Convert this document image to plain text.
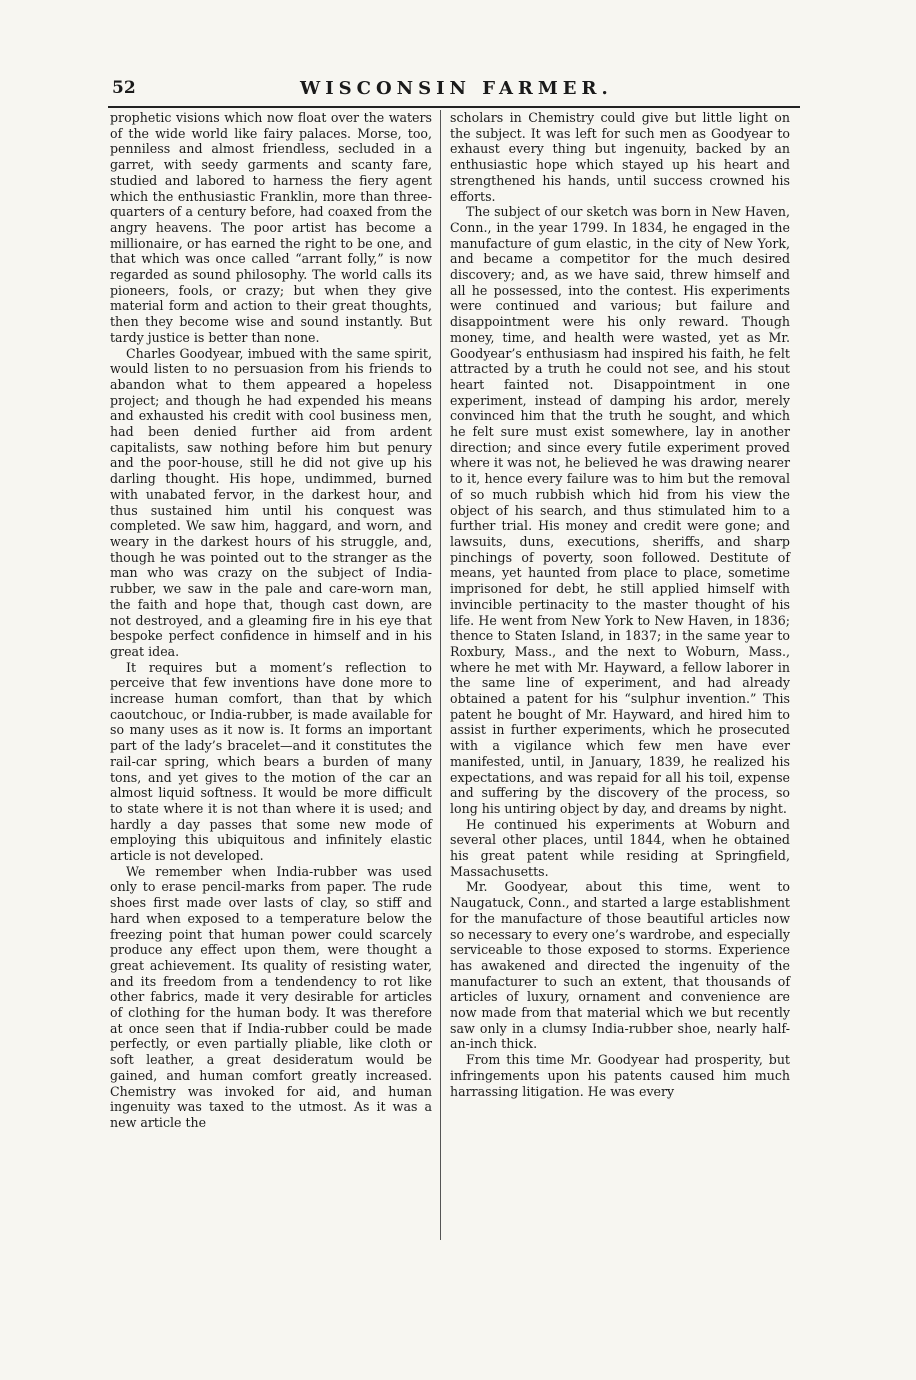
52	WISCONSIN FARMER.

prophetic visions which now float over the waters of the wide world like fairy palaces. Morse, too, penniless and almost friendless, secluded in a garret, with seedy garments and scanty fare, studied and labored to harness the fiery agent which the enthusiastic Franklin, more than three-quarters of a century before, had coaxed from the angry heavens. The poor artist has become a millionaire, or has earned the right to be one, and that which was once called “arrant folly,” is now regarded as sound philosophy. The world calls its pioneers, fools, or crazy; but when they give material form and action to their great thoughts, then they become wise and sound instantly. But tardy justice is better than none.

Charles Goodyear, imbued with the same spirit, would listen to no persuasion from his friends to abandon what to them appeared a hopeless project; and though he had expended his means and exhausted his credit with cool business men, had been denied further aid from ardent capitalists, saw nothing before him but penury and the poor-house, still he did not give up his darling thought. His hope, undimmed, burned with unabated fervor, in the darkest hour, and thus sustained him until his conquest was completed. We saw him, haggard, and worn, and weary in the darkest hours of his struggle, and, though he was pointed out to the stranger as the man who was crazy on the subject of India-rubber, we saw in the pale and care-worn man, the faith and hope that, though cast down, are not destroyed, and a gleaming fire in his eye that bespoke perfect confidence in himself and in his great idea.

It requires but a moment’s reflection to perceive that few inventions have done more to increase human comfort, than that by which caoutchouc, or India-rubber, is made available for so many uses as it now is. It forms an important part of the lady’s bracelet—and it constitutes the rail-car spring, which bears a burden of many tons, and yet gives to the motion of the car an almost liquid softness. It would be more difficult to state where it is not than where it is used; and hardly a day passes that some new mode of employing this ubiquitous and infinitely elastic article is not developed.

We remember when India-rubber was used only to erase pencil-marks from paper. The rude shoes first made over lasts of clay, so stiff and hard when exposed to a temperature below the freezing point that human power could scarcely produce any effect upon them, were thought a great achievement. Its quality of resisting water, and its freedom from a tendendency to rot like other fabrics, made it very desirable for articles of clothing for the human body. It was therefore at once seen that if India-rubber could be made perfectly, or even partially pliable, like cloth or soft leather, a great desideratum would be gained, and human comfort greatly increased. Chemistry was invoked for aid, and human ingenuity was taxed to the utmost. As it was a new article the

scholars in Chemistry could give but little light on the subject. It was left for such men as Goodyear to exhaust every thing but ingenuity, backed by an enthusiastic hope which stayed up his heart and strengthened his hands, until success crowned his efforts.

The subject of our sketch was born in New Haven, Conn., in the year 1799. In 1834, he engaged in the manufacture of gum elastic, in the city of New York, and became a competitor for the much desired discovery; and, as we have said, threw himself and all he possessed, into the contest. His experiments were continued and various; but failure and disappointment were his only reward. Though money, time, and health were wasted, yet as Mr. Goodyear’s enthusiasm had inspired his faith, he felt attracted by a truth he could not see, and his stout heart fainted not. Disappointment in one experiment, instead of damping his ardor, merely convinced him that the truth he sought, and which he felt sure must exist somewhere, lay in another direction; and since every futile experiment proved where it was not, he believed he was drawing nearer to it, hence every failure was to him but the removal of so much rubbish which hid from his view the object of his search, and thus stimulated him to a further trial. His money and credit were gone; and lawsuits, duns, executions, sheriffs, and sharp pinchings of poverty, soon followed. Destitute of means, yet haunted from place to place, sometime imprisoned for debt, he still applied himself with invincible pertinacity to the master thought of his life. He went from New York to New Haven, in 1836; thence to Staten Island, in 1837; in the same year to Roxbury, Mass., and the next to Woburn, Mass., where he met with Mr. Hayward, a fellow laborer in the same line of experiment, and had already obtained a patent for his “sulphur invention.” This patent he bought of Mr. Hayward, and hired him to assist in further experiments, which he prosecuted with a vigilance which few men have ever manifested, until, in January, 1839, he realized his expectations, and was repaid for all his toil, expense and suffering by the discovery of the process, so long his untiring object by day, and dreams by night.

He continued his experiments at Woburn and several other places, until 1844, when he obtained his great patent while residing at Springfield, Massachusetts.

Mr. Goodyear, about this time, went to Naugatuck, Conn., and started a large establishment for the manufacture of those beautiful articles now so necessary to every one’s wardrobe, and especially serviceable to those exposed to storms. Experience has awakened and directed the ingenuity of the manufacturer to such an extent, that thousands of articles of luxury, ornament and convenience are now made from that material which we but recently saw only in a clumsy India-rubber shoe, nearly half-an-inch thick.

From this time Mr. Goodyear had prosperity, but infringements upon his patents caused him much harrassing litigation. He was every
